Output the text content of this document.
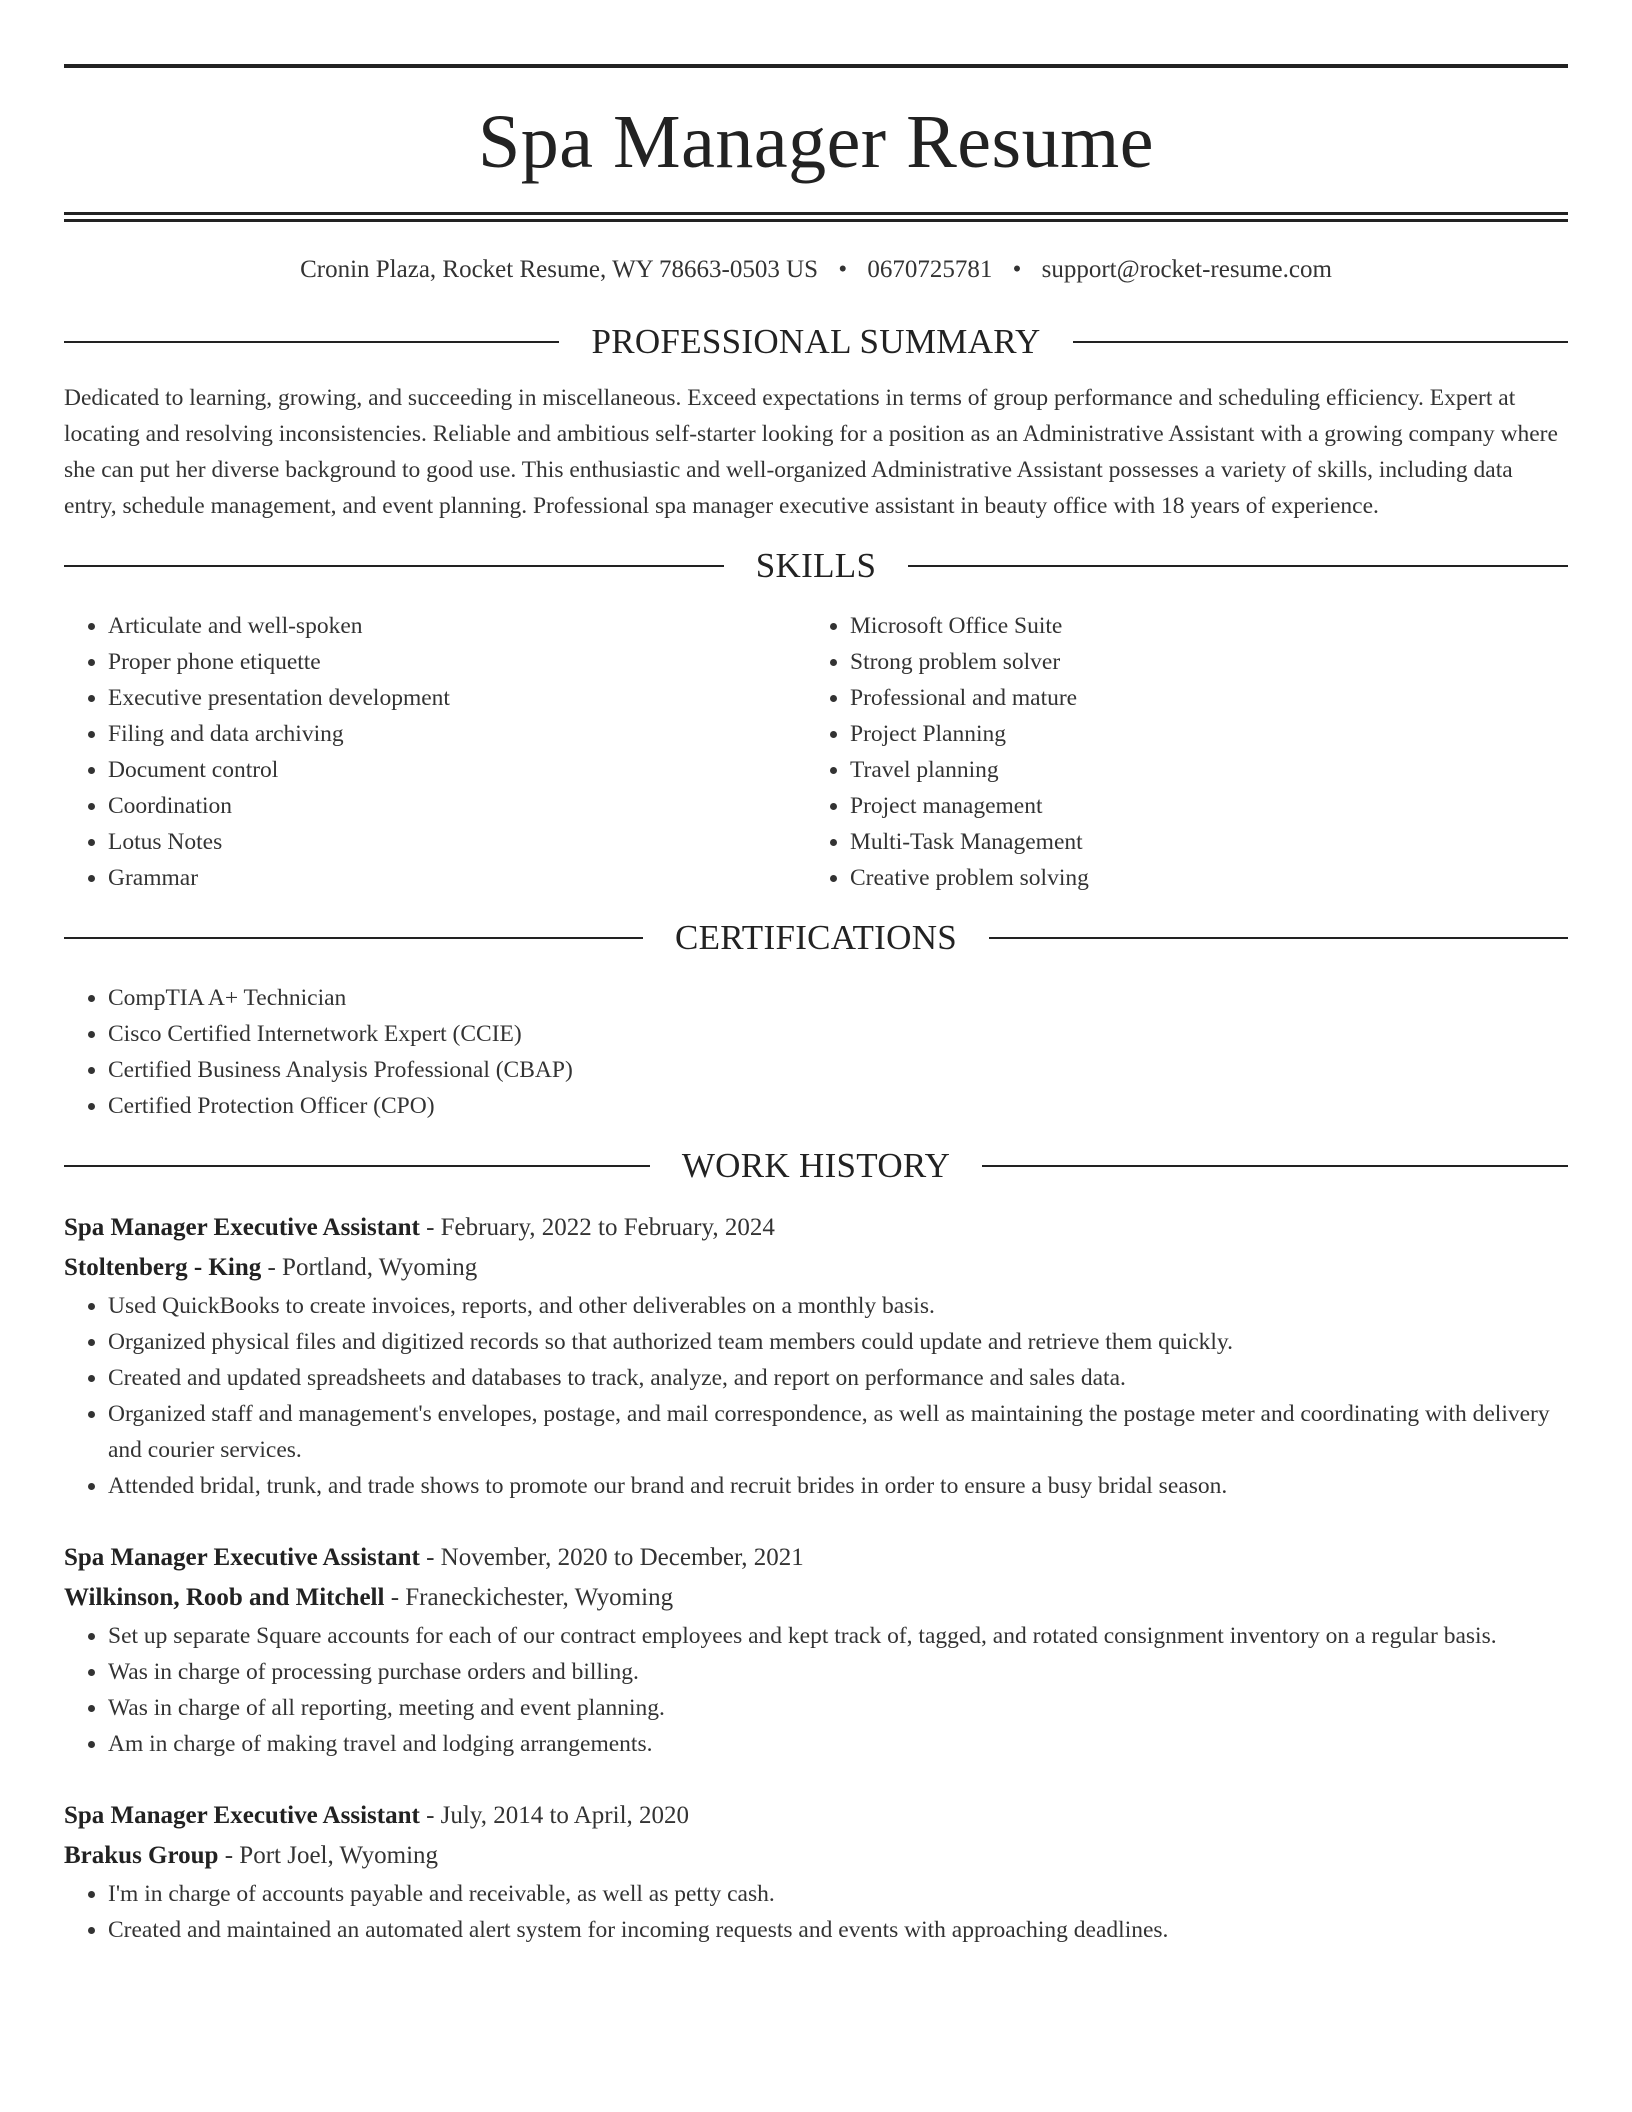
Spa Manager Resume
Cronin Plaza, Rocket Resume, WY 78663-0503 US • 0670725781 • support@rocket-resume.com
PROFESSIONAL SUMMARY
Dedicated to learning, growing, and succeeding in miscellaneous. Exceed expectations in terms of group performance and scheduling efficiency. Expert at locating and resolving inconsistencies. Reliable and ambitious self-starter looking for a position as an Administrative Assistant with a growing company where she can put her diverse background to good use. This enthusiastic and well-organized Administrative Assistant possesses a variety of skills, including data entry, schedule management, and event planning. Professional spa manager executive assistant in beauty office with 18 years of experience.
SKILLS
• Articulate and well-spoken
• Proper phone etiquette
• Executive presentation development
• Filing and data archiving
• Document control
• Coordination
• Lotus Notes
• Grammar
• Microsoft Office Suite
• Strong problem solver
• Professional and mature
• Project Planning
• Travel planning
• Project management
• Multi-Task Management
• Creative problem solving
CERTIFICATIONS
• CompTIA A+ Technician
• Cisco Certified Internetwork Expert (CCIE)
• Certified Business Analysis Professional (CBAP)
• Certified Protection Officer (CPO)
WORK HISTORY
Spa Manager Executive Assistant - February, 2022 to February, 2024
Stoltenberg - King - Portland, Wyoming
• Used QuickBooks to create invoices, reports, and other deliverables on a monthly basis.
• Organized physical files and digitized records so that authorized team members could update and retrieve them quickly.
• Created and updated spreadsheets and databases to track, analyze, and report on performance and sales data.
• Organized staff and management's envelopes, postage, and mail correspondence, as well as maintaining the postage meter and coordinating with delivery and courier services.
• Attended bridal, trunk, and trade shows to promote our brand and recruit brides in order to ensure a busy bridal season.
Spa Manager Executive Assistant - November, 2020 to December, 2021
Wilkinson, Roob and Mitchell - Franeckichester, Wyoming
• Set up separate Square accounts for each of our contract employees and kept track of, tagged, and rotated consignment inventory on a regular basis.
• Was in charge of processing purchase orders and billing.
• Was in charge of all reporting, meeting and event planning.
• Am in charge of making travel and lodging arrangements.
Spa Manager Executive Assistant - July, 2014 to April, 2020
Brakus Group - Port Joel, Wyoming
• I'm in charge of accounts payable and receivable, as well as petty cash.
• Created and maintained an automated alert system for incoming requests and events with approaching deadlines.
